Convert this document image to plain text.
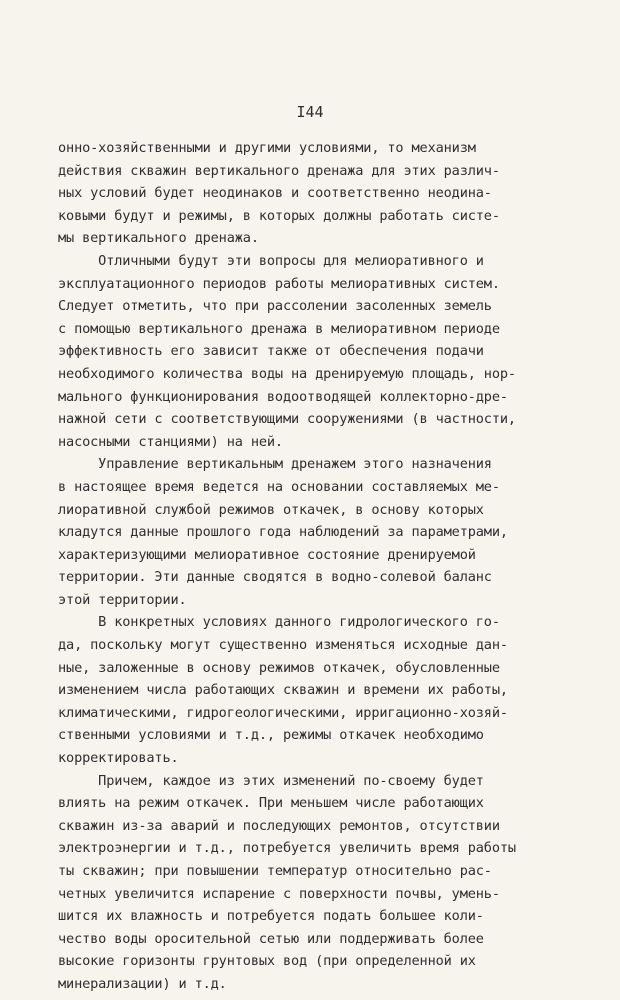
I44
онно-хозяйственными и другими условиями, то механизм
действия скважин вертикального дренажа для этих различ-
ных условий будет неодинаков и соответственно неодина-
ковыми будут и режимы, в которых должны работать систе-
мы вертикального дренажа.
Отличными будут эти вопросы для мелиоративного и
эксплуатационного периодов работы мелиоративных систем.
Следует отметить, что при рассолении засоленных земель
с помощью вертикального дренажа в мелиоративном периоде
эффективность его зависит также от обеспечения подачи
необходимого количества воды на дренируемую площадь, нор-
мального функционирования водоотводящей коллекторно-дре-
нажной сети с соответствующими сооружениями (в частности,
насосными станциями) на ней.
Управление вертикальным дренажем этого назначения
в настоящее время ведется на основании составляемых ме-
лиоративной службой режимов откачек, в основу которых
кладутся данные прошлого года наблюдений за параметрами,
характеризующими мелиоративное состояние дренируемой
территории. Эти данные сводятся в водно-солевой баланс
этой территории.
В конкретных условиях данного гидрологического го-
да, поскольку могут существенно изменяться исходные дан-
ные, заложенные в основу режимов откачек, обусловленные
изменением числа работающих скважин и времени их работы,
климатическими, гидрогеологическими, ирригационно-хозяй-
ственными условиями и т.д., режимы откачек необходимо
корректировать.
Причем, каждое из этих изменений по-своему будет
влиять на режим откачек. При меньшем числе работающих
скважин из-за аварий и последующих ремонтов, отсутствии
электроэнергии и т.д., потребуется увеличить время работы
ты скважин; при повышении температур относительно рас-
четных увеличится испарение с поверхности почвы, умень-
шится их влажность и потребуется подать большее коли-
чество воды оросительной сетью или поддерживать более
высокие горизонты грунтовых вод (при определенной их
минерализации) и т.д.
